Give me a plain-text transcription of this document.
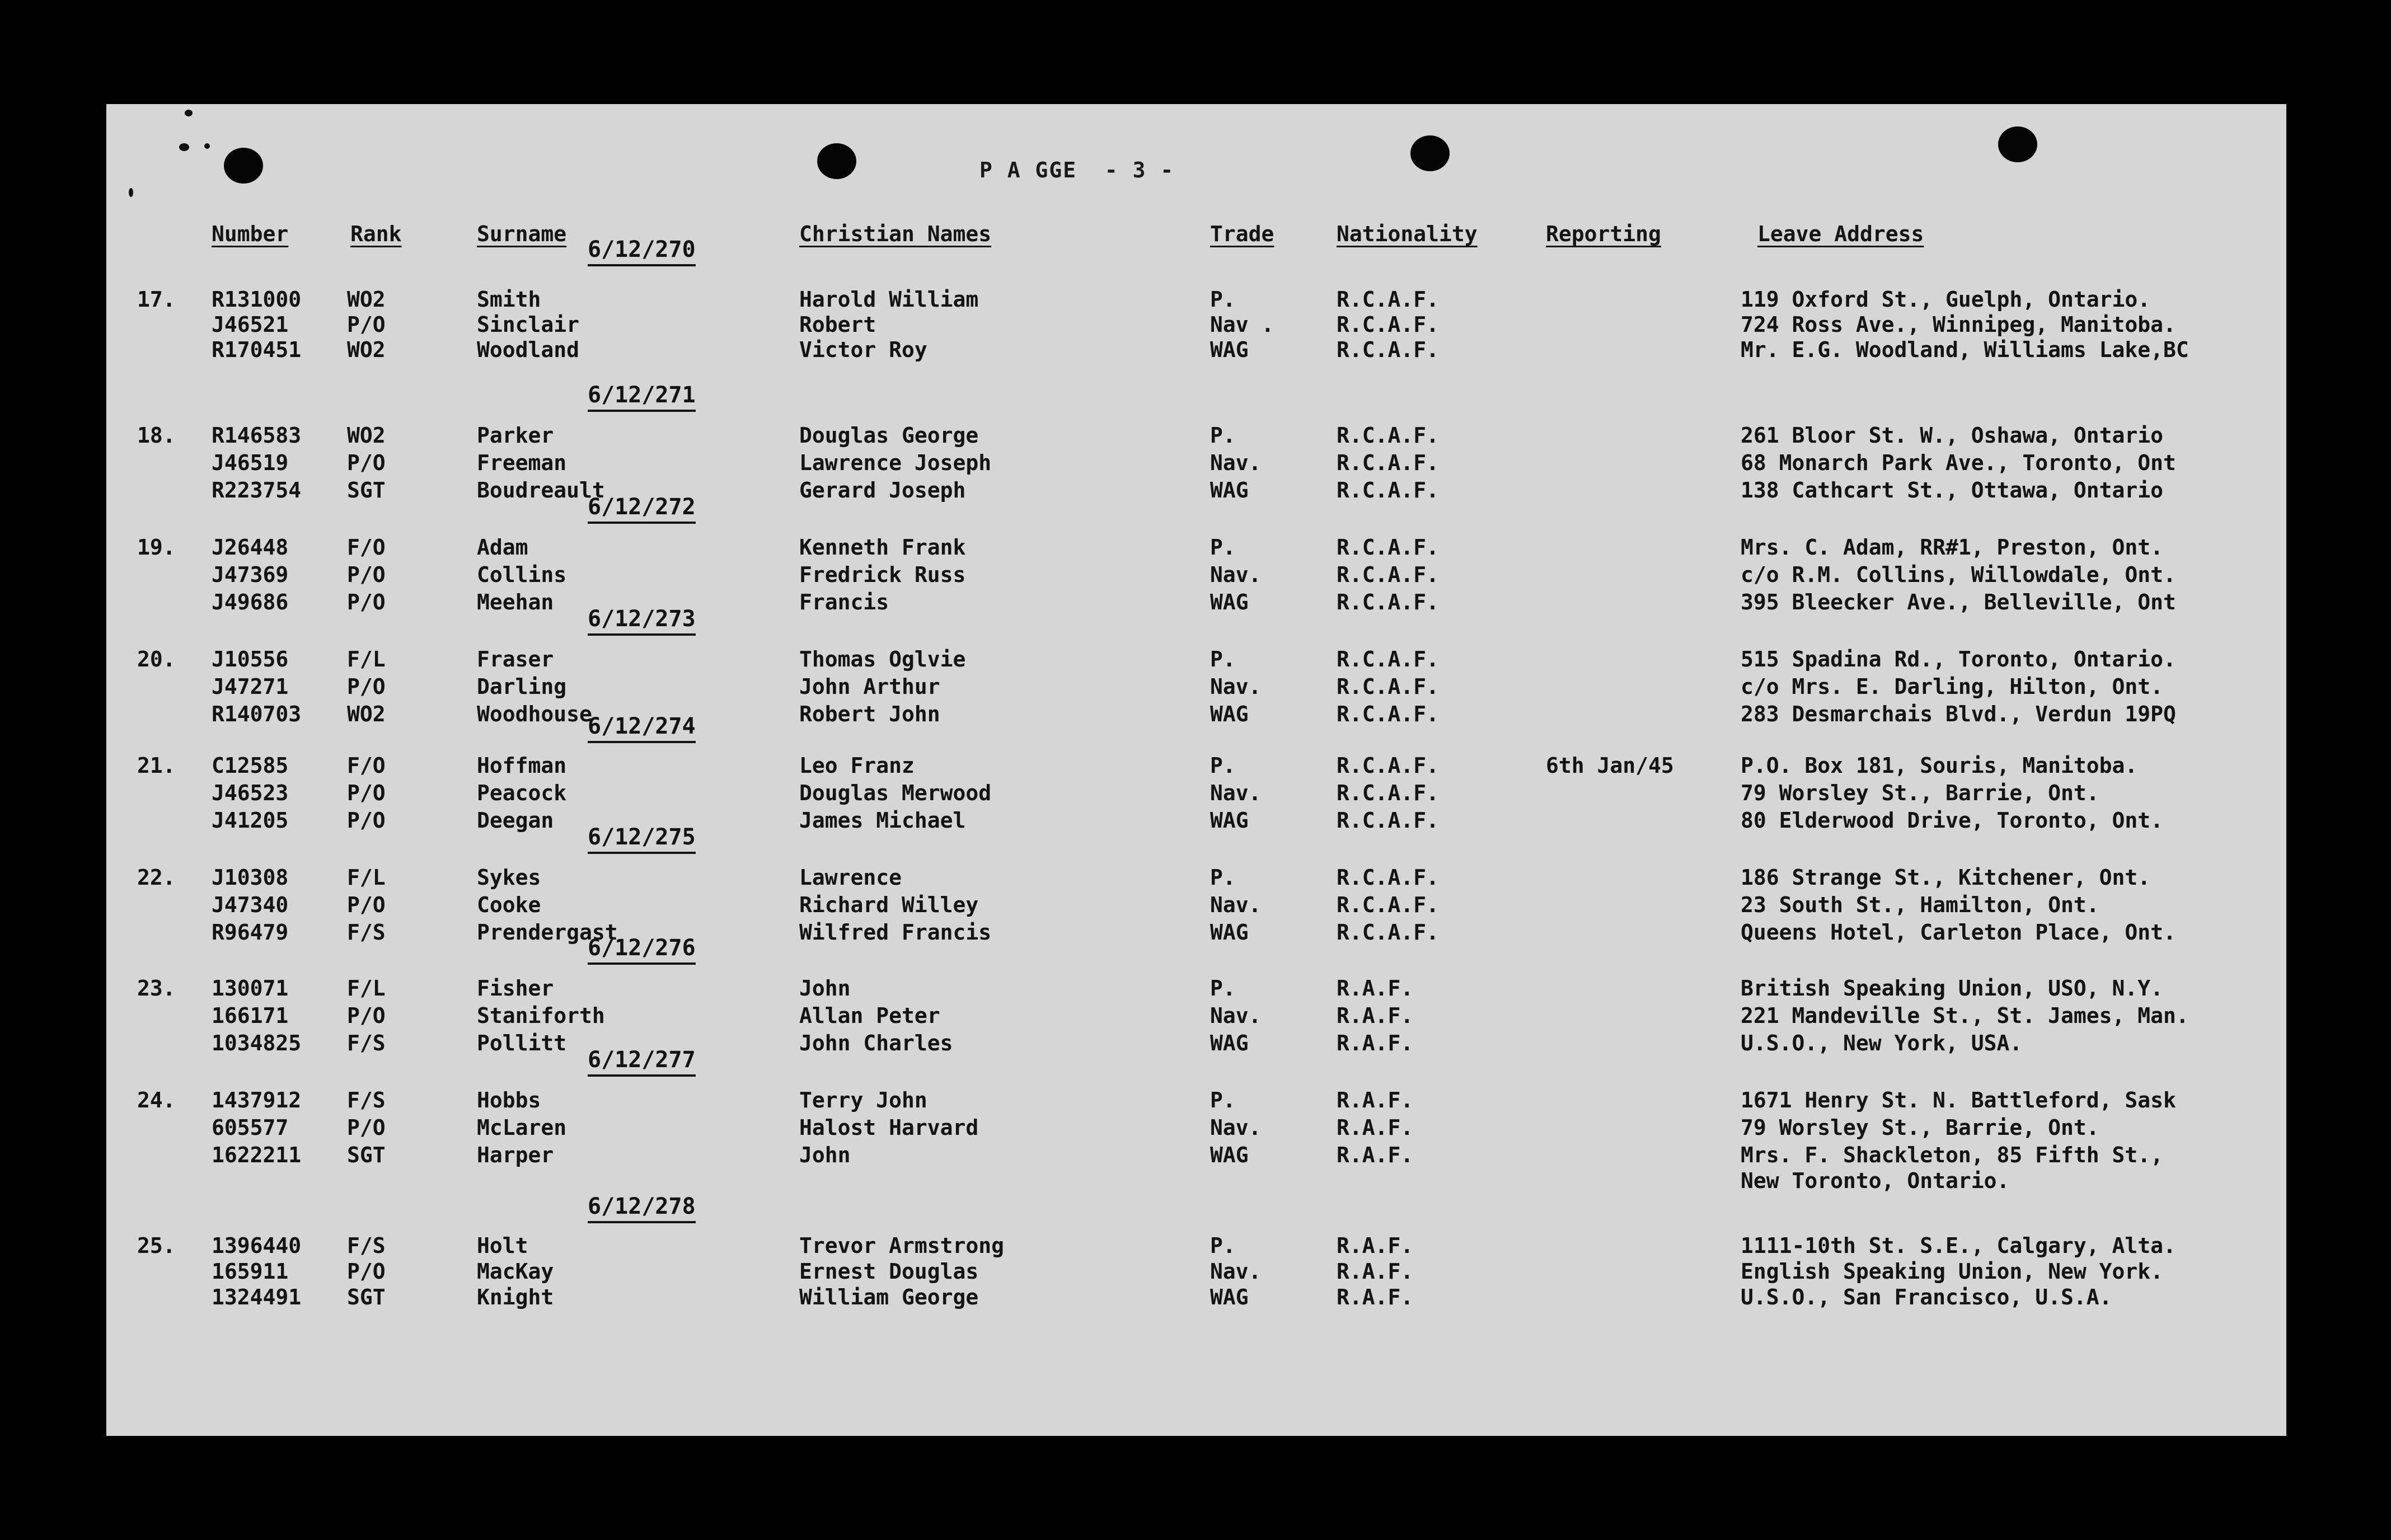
P A GGE  - 3 -
Number	Rank	Surname	Christian Names	Trade	Nationality	Reporting	Leave Address
6/12/270
17. R131000 WO2	Smith	Harold William	P.	R.C.A.F.	119 Oxford St., Guelph, Ontario.
J46521	P/O	Sinclair	Robert	Nav .	R.C.A.F.	724 Ross Ave., Winnipeg, Manitoba.
R170451 WO2	Woodland	Victor Roy	WAG	R.C.A.F.	Mr. E.G. Woodland, Williams Lake,BC
6/12/271
18. R146583 WO2	Parker	Douglas George	P.	R.C.A.F.	261 Bloor St. W., Oshawa, Ontario
J46519	P/O	Freeman	Lawrence Joseph	Nav.	R.C.A.F.	68 Monarch Park Ave., Toronto, Ont
R223754 SGT	Boudreault	Gerard Joseph	WAG	R.C.A.F.	138 Cathcart St., Ottawa, Ontario
6/12/272
19. J26448	F/O	Adam	Kenneth Frank	P.	R.C.A.F.	Mrs. C. Adam, RR#1, Preston, Ont.
J47369	P/O	Collins	Fredrick Russ	Nav.	R.C.A.F.	c/o R.M. Collins, Willowdale, Ont.
J49686	P/O	Meehan	Francis	WAG	R.C.A.F.	395 Bleecker Ave., Belleville, Ont
6/12/273
20. J10556	F/L	Fraser	Thomas Oglvie	P.	R.C.A.F.	515 Spadina Rd., Toronto, Ontario.
J47271	P/O	Darling	John Arthur	Nav.	R.C.A.F.	c/o Mrs. E. Darling, Hilton, Ont.
R140703 WO2	Woodhouse	Robert John	WAG	R.C.A.F.	283 Desmarchais Blvd., Verdun 19PQ
6/12/274
21. C12585	F/O	Hoffman	Leo Franz	P.	R.C.A.F.	6th Jan/45	P.O. Box 181, Souris, Manitoba.
J46523	P/O	Peacock	Douglas Merwood	Nav.	R.C.A.F.	79 Worsley St., Barrie, Ont.
J41205	P/O	Deegan	James Michael	WAG	R.C.A.F.	80 Elderwood Drive, Toronto, Ont.
6/12/275
22. J10308	F/L	Sykes	Lawrence	P.	R.C.A.F.	186 Strange St., Kitchener, Ont.
J47340	P/O	Cooke	Richard Willey	Nav.	R.C.A.F.	23 South St., Hamilton, Ont.
R96479	F/S	Prendergast	Wilfred Francis	WAG	R.C.A.F.	Queens Hotel, Carleton Place, Ont.
6/12/276
23. 130071	F/L	Fisher	John	P.	R.A.F.	British Speaking Union, USO, N.Y.
166171	P/O	Staniforth	Allan Peter	Nav.	R.A.F.	221 Mandeville St., St. James, Man.
1034825 F/S	Pollitt	John Charles	WAG	R.A.F.	U.S.O., New York, USA.
6/12/277
24. 1437912 F/S	Hobbs	Terry John	P.	R.A.F.	1671 Henry St. N. Battleford, Sask
605577	P/O	McLaren	Halost Harvard	Nav.	R.A.F.	79 Worsley St., Barrie, Ont.
1622211 SGT	Harper	John	WAG	R.A.F.	Mrs. F. Shackleton, 85 Fifth St.,
New Toronto, Ontario.
6/12/278
25. 1396440 F/S	Holt	Trevor Armstrong	P.	R.A.F.	1111-10th St. S.E., Calgary, Alta.
165911	P/O	MacKay	Ernest Douglas	Nav.	R.A.F.	English Speaking Union, New York.
1324491 SGT	Knight	William George	WAG	R.A.F.	U.S.O., San Francisco, U.S.A.
